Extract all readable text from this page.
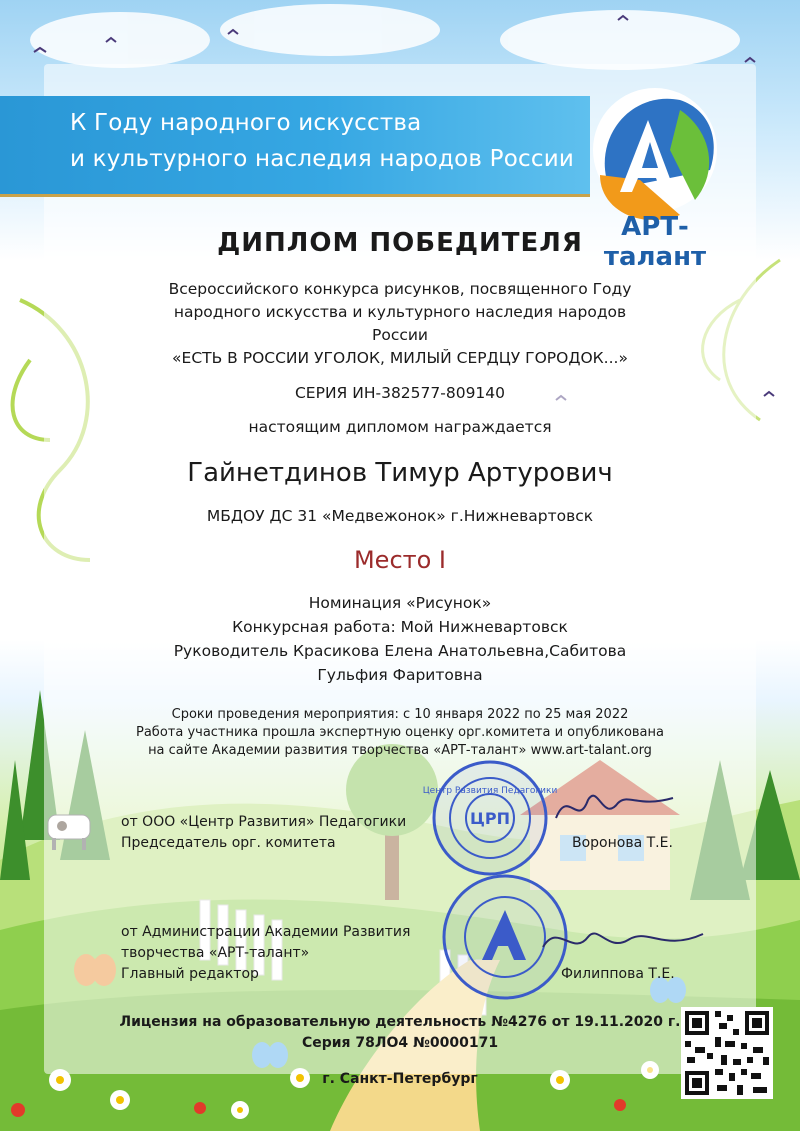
К Году народного искусства
и культурного наследия народов России
АРТ-талант
ДИПЛОМ ПОБЕДИТЕЛЯ
Всероссийского конкурса рисунков, посвященного Году
народного искусства и культурного наследия народов
России
«ЕСТЬ В РОССИИ УГОЛОК, МИЛЫЙ СЕРДЦУ ГОРОДОК...»
СЕРИЯ ИН-382577-809140
настоящим дипломом награждается
Гайнетдинов Тимур Артурович
МБДОУ ДС 31 «Медвежонок» г.Нижневартовск
Место I
Номинация «Рисунок»
Конкурсная работа: Мой Нижневартовск
Руководитель Красикова Елена Анатольевна,Сабитова
Гульфия Фаритовна
Сроки проведения мероприятия: с 10 января 2022 по 25 мая 2022
Работа участника прошла экспертную оценку орг.комитета и опубликована
на сайте Академии развития творчества «АРТ-талант» www.art-talant.org
ЦРП
Центр Развития Педагогики
от ООО «Центр Развития» Педагогики
Председатель орг. комитета	Воронова Т.Е.
от Администрации Академии Развития
творчества «АРТ-талант»
Главный редактор	Филиппова Т.Е.
Лицензия на образовательную деятельность №4276 от 19.11.2020 г.
Серия 78ЛО4 №0000171
г. Санкт-Петербург
